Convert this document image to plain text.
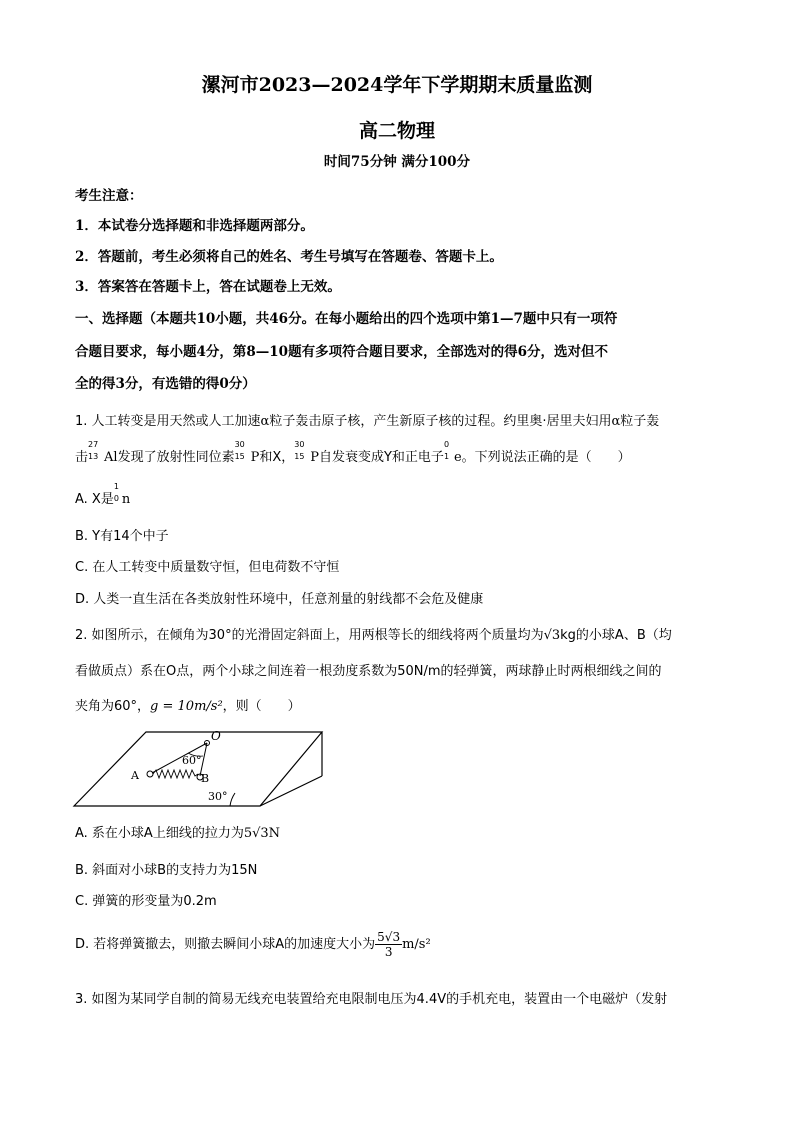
漯河市2023—2024学年下学期期末质量监测
高二物理
时间75分钟 满分100分
考生注意：
1．本试卷分选择题和非选择题两部分。
2．答题前，考生必须将自己的姓名、考生号填写在答题卷、答题卡上。
3．答案答在答题卡上，答在试题卷上无效。
一、选择题（本题共10小题，共46分。在每小题给出的四个选项中第1—7题中只有一项符
合题目要求，每小题4分，第8—10题有多项符合题目要求，全部选对的得6分，选对但不
全的得3分，有选错的得0分）
1. 人工转变是用天然或人工加速α粒子轰击原子核，产生新原子核的过程。约里奥·居里夫妇用α粒子轰
击
27
13 Al发现了放射性同位素
30
15 P和X，
30
15 P自发衰变成Y和正电子
0
1 e。下列说法正确的是（　　）
A. X是
1
0 n
B. Y有14个中子
C. 在人工转变中质量数守恒，但电荷数不守恒
D. 人类一直生活在各类放射性环境中，任意剂量的射线都不会危及健康
2. 如图所示，在倾角为30°的光滑固定斜面上，用两根等长的细线将两个质量均为√3kg的小球A、B（均
看做质点）系在O点，两个小球之间连着一根劲度系数为50N/m的轻弹簧，两球静止时两根细线之间的
夹角为60°，g = 10m/s²，则（　　）
O
60°
A	B
30°
A. 系在小球A上细线的拉力为5√3N
B. 斜面对小球B的支持力为15N
C. 弹簧的形变量为0.2m
D. 若将弹簧撤去，则撤去瞬间小球A的加速度大小为 $\frac{5√3}{3} m/s^2$
3. 如图为某同学自制的简易无线充电装置给充电限制电压为4.4V的手机充电，装置由一个电磁炉（发射
